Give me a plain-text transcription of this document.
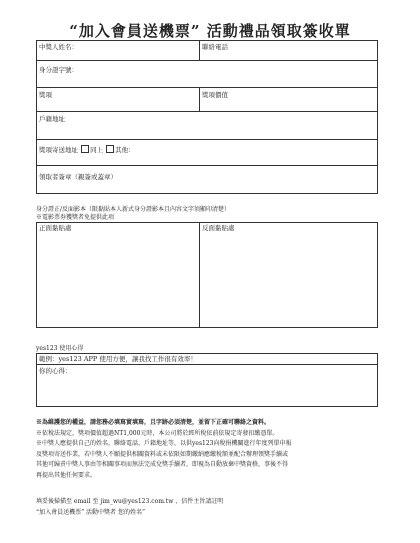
“加入會員送機票” 活動禮品領取簽收單
中獎人姓名：	聯絡電話
身分證字號：
獎項	獎項價值
戶籍地址
獎項寄送地址 同上 其他：
領取者簽章（親簽或蓋章）
身分證正/反面影本（限黏貼本人新式身分證影本且內容文字須顯印清楚）
※電影票券獲獎者免提供此項
正面黏貼處	反面黏貼處
yes123 使用心得
範例：yes123 APP 使用方便，讓我找工作很有效率！
你的心得：
※為維護您的權益，請您務必填寫實填寫，且字跡必須清楚，並留下正確可聯絡之資料。
※依稅法規定，獎項價值超過NT1,000元時，本公司將於經所稅依前依規定寄發扣繳憑單。
※中獎人應提供自己的姓名、聯絡電話、戶籍地址等，以供yes123向稅捐機關進行年度列單申報
及獎項寄送作業，若中獎人不願提供相關資料或未依限如期繳納應繳稅額並配合辦理領獎手續或
其他可歸責中獎人事由等相關事項而無法完成兌獎手續者，即視為自動放棄中獎資格，事後不得
再提出其他任何要求。
填妥後掃描至 email 至 jim_wu@yes123.com.tw ，信件主旨請註明
“加入會員送機票” 活動中獎者 您的姓名”
